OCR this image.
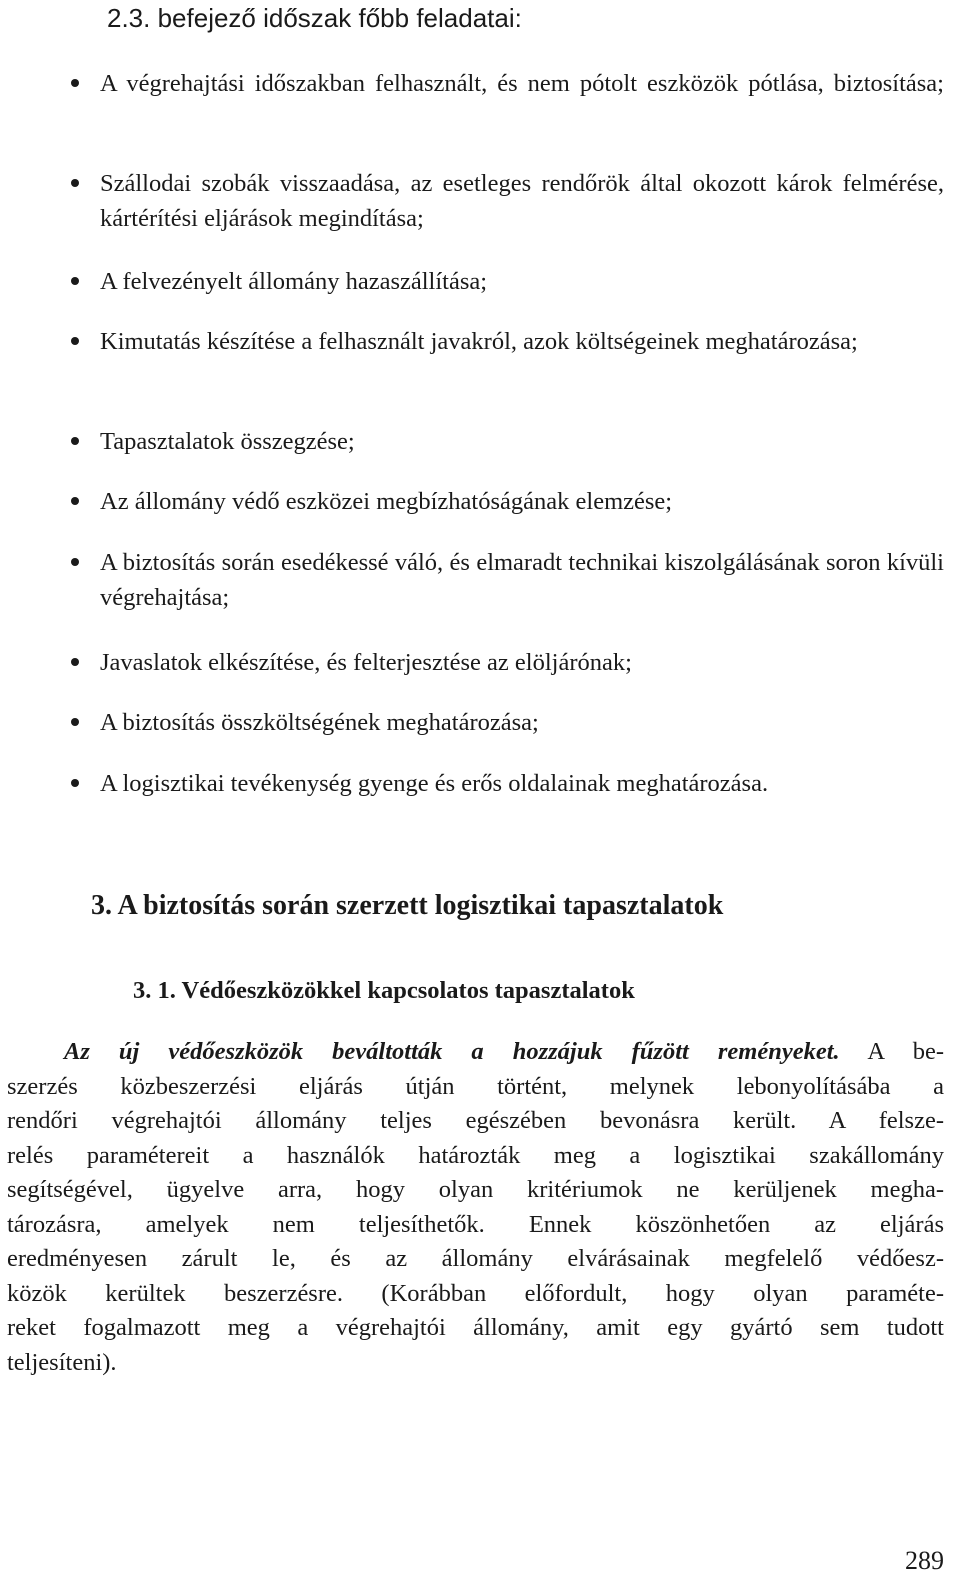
2.3. befejező időszak főbb feladatai:
A végrehajtási időszakban felhasznált, és nem pótolt eszközök pótlása, biztosítása;
Szállodai szobák visszaadása, az esetleges rendőrök által okozott károk felmérése, kártérítési eljárások megindítása;
A felvezényelt állomány hazaszállítása;
Kimutatás készítése a felhasznált javakról, azok költségeinek meghatározása;
Tapasztalatok összegzése;
Az állomány védő eszközei megbízhatóságának elemzése;
A biztosítás során esedékessé váló, és elmaradt technikai kiszolgálásának soron kívüli végrehajtása;
Javaslatok elkészítése, és felterjesztése az elöljárónak;
A biztosítás összköltségének meghatározása;
A logisztikai tevékenység gyenge és erős oldalainak meghatározása.
3. A biztosítás során szerzett logisztikai tapasztalatok
3. 1. Védőeszközökkel kapcsolatos tapasztalatok
Az új védőeszközök beváltották a hozzájuk fűzött reményeket. A be-
szerzés közbeszerzési eljárás útján történt, melynek lebonyolításába a
rendőri végrehajtói állomány teljes egészében bevonásra került. A felsze-
relés paramétereit a használók határozták meg a logisztikai szakállomány
segítségével, ügyelve arra, hogy olyan kritériumok ne kerüljenek megha-
tározásra, amelyek nem teljesíthetők. Ennek köszönhetően az eljárás
eredményesen zárult le, és az állomány elvárásainak megfelelő védőesz-
közök kerültek beszerzésre. (Korábban előfordult, hogy olyan paraméte-
reket fogalmazott meg a végrehajtói állomány, amit egy gyártó sem tudott
teljesíteni).
289
